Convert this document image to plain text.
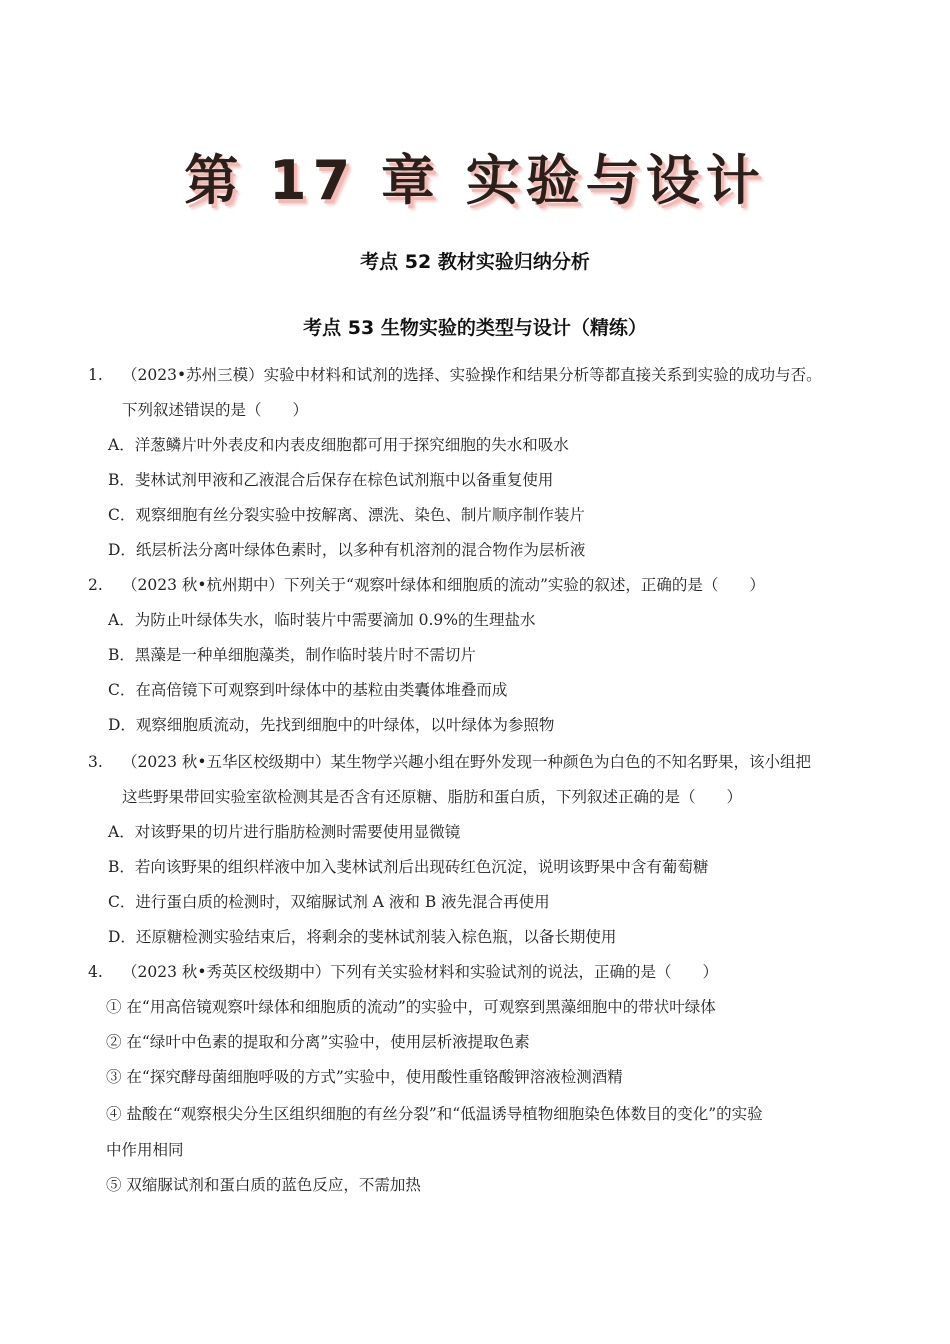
第 17 章 实验与设计
考点 52 教材实验归纳分析
考点 53 生物实验的类型与设计（精练）
1. （2023•苏州三模）实验中材料和试剂的选择、实验操作和结果分析等都直接关系到实验的成功与否。
下列叙述错误的是（　　）
A．洋葱鳞片叶外表皮和内表皮细胞都可用于探究细胞的失水和吸水
B．斐林试剂甲液和乙液混合后保存在棕色试剂瓶中以备重复使用
C．观察细胞有丝分裂实验中按解离、漂洗、染色、制片顺序制作装片
D．纸层析法分离叶绿体色素时，以多种有机溶剂的混合物作为层析液
2. （2023 秋•杭州期中）下列关于“观察叶绿体和细胞质的流动”实验的叙述，正确的是（　　）
A．为防止叶绿体失水，临时装片中需要滴加 0.9%的生理盐水
B．黑藻是一种单细胞藻类，制作临时装片时不需切片
C．在高倍镜下可观察到叶绿体中的基粒由类囊体堆叠而成
D．观察细胞质流动，先找到细胞中的叶绿体，以叶绿体为参照物
3. （2023 秋•五华区校级期中）某生物学兴趣小组在野外发现一种颜色为白色的不知名野果，该小组把
这些野果带回实验室欲检测其是否含有还原糖、脂肪和蛋白质，下列叙述正确的是（　　）
A．对该野果的切片进行脂肪检测时需要使用显微镜
B．若向该野果的组织样液中加入斐林试剂后出现砖红色沉淀，说明该野果中含有葡萄糖
C．进行蛋白质的检测时，双缩脲试剂 A 液和 B 液先混合再使用
D．还原糖检测实验结束后，将剩余的斐林试剂装入棕色瓶，以备长期使用
4. （2023 秋•秀英区校级期中）下列有关实验材料和实验试剂的说法，正确的是（　　）
① 在“用高倍镜观察叶绿体和细胞质的流动”的实验中，可观察到黑藻细胞中的带状叶绿体
② 在“绿叶中色素的提取和分离”实验中，使用层析液提取色素
③ 在“探究酵母菌细胞呼吸的方式”实验中，使用酸性重铬酸钾溶液检测酒精
④ 盐酸在“观察根尖分生区组织细胞的有丝分裂”和“低温诱导植物细胞染色体数目的变化”的实验
中作用相同
⑤ 双缩脲试剂和蛋白质的蓝色反应，不需加热
